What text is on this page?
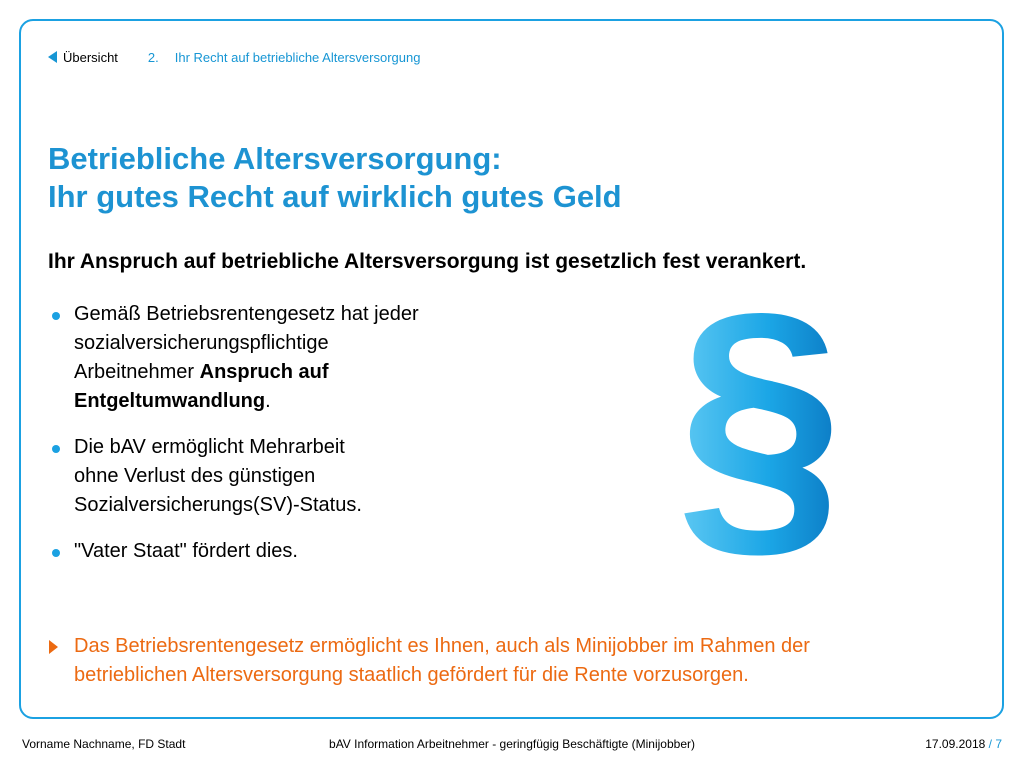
Übersicht 2. Ihr Recht auf betriebliche Altersversorgung
Betriebliche Altersversorgung:
Ihr gutes Recht auf wirklich gutes Geld
Ihr Anspruch auf betriebliche Altersversorgung ist gesetzlich fest verankert.
Gemäß Betriebsrentengesetz hat jeder
sozialversicherungspflichtige
Arbeitnehmer Anspruch auf
Entgeltumwandlung.
Die bAV ermöglicht Mehrarbeit
ohne Verlust des günstigen
Sozialversicherungs(SV)-Status.
"Vater Staat" fördert dies.	§
Das Betriebsrentengesetz ermöglicht es Ihnen, auch als Minijobber im Rahmen der
betrieblichen Altersversorgung staatlich gefördert für die Rente vorzusorgen.
Vorname Nachname, FD Stadt	bAV Information Arbeitnehmer - geringfügig Beschäftigte (Minijobber)	17.09.2018 / 7
